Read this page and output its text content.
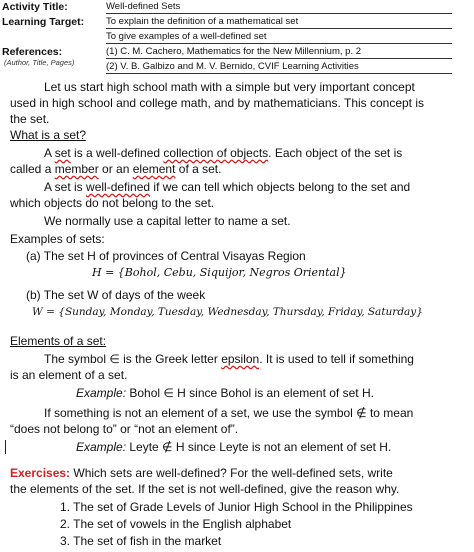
Activity Title:	Well-defined Sets
Learning Target: To explain the definition of a mathematical set
To give examples of a well-defined set
References:
(Author, Title, Pages)
(1) C. M. Cachero, Mathematics for the New Millennium, p. 2
(2) V. B. Galbizo and M. V. Bernido, CVIF Learning Activities
Let us start high school math with a simple but very important concept
used in high school and college math, and by mathematicians. This concept is
the set.
What is a set?
A set is a well-defined collection of objects. Each object of the set is
called a member or an element of a set.
A set is well-defined if we can tell which objects belong to the set and
which objects do not belong to the set.
We normally use a capital letter to name a set.
Examples of sets:
(a) The set H of provinces of Central Visayas Region
H = {Bohol, Cebu, Siquijor, Negros Oriental}
(b) The set W of days of the week
W = {Sunday, Monday, Tuesday, Wednesday, Thursday, Friday, Saturday}
Elements of a set:
The symbol ∈ is the Greek letter epsilon. It is used to tell if something
is an element of a set.
Example: Bohol ∈ H since Bohol is an element of set H.
If something is not an element of a set, we use the symbol ∉ to mean
“does not belong to” or “not an element of”.
Example: Leyte ∉ H since Leyte is not an element of set H.
Exercises: Which sets are well-defined? For the well-defined sets, write
the elements of the set. If the set is not well-defined, give the reason why.
1. The set of Grade Levels of Junior High School in the Philippines
2. The set of vowels in the English alphabet
3. The set of fish in the market
